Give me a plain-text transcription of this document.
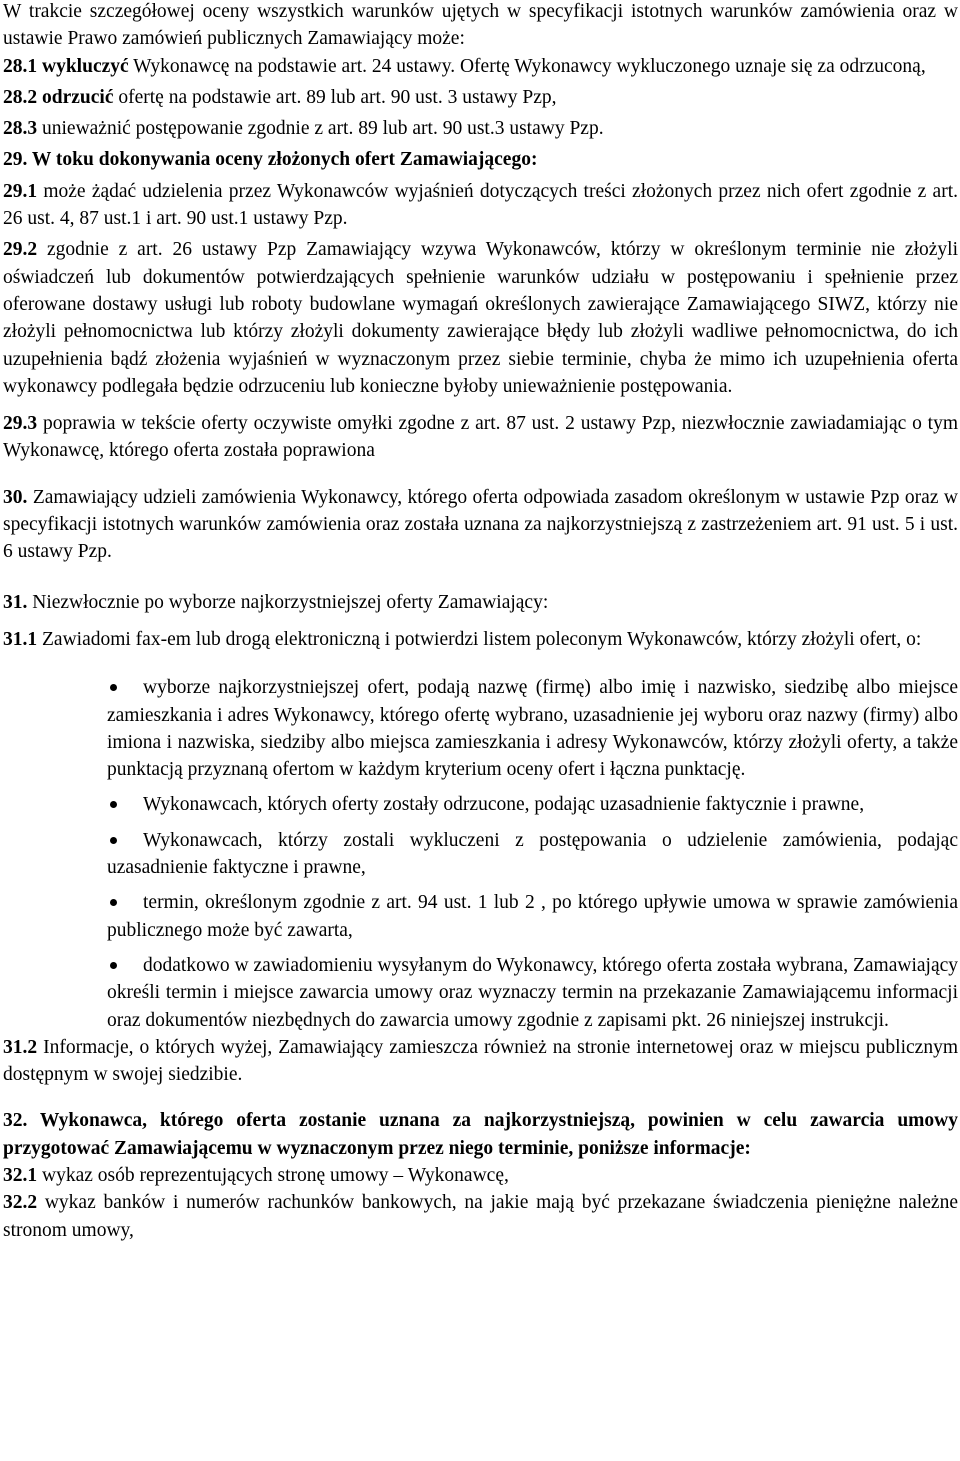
W trakcie szczegółowej oceny wszystkich warunków ujętych w specyfikacji istotnych warunków zamówienia oraz w ustawie Prawo zamówień publicznych Zamawiający może:

28.1 wykluczyć Wykonawcę na podstawie art. 24 ustawy. Ofertę Wykonawcy wykluczonego uznaje się za odrzuconą,

28.2 odrzucić ofertę na podstawie art. 89 lub art. 90 ust. 3 ustawy Pzp,

28.3 unieważnić postępowanie zgodnie z art. 89 lub art. 90 ust.3 ustawy Pzp.

29. W toku dokonywania oceny złożonych ofert Zamawiającego:

29.1 może żądać udzielenia przez Wykonawców wyjaśnień dotyczących treści złożonych przez nich ofert zgodnie z art. 26 ust. 4, 87 ust.1 i art. 90 ust.1 ustawy Pzp.

29.2 zgodnie z art. 26 ustawy Pzp Zamawiający wzywa Wykonawców, którzy w określonym terminie nie złożyli oświadczeń lub dokumentów potwierdzających spełnienie warunków udziału w postępowaniu i spełnienie przez oferowane dostawy usługi lub roboty budowlane wymagań określonych zawierające Zamawiającego SIWZ, którzy nie złożyli pełnomocnictwa lub którzy złożyli dokumenty zawierające błędy lub złożyli wadliwe pełnomocnictwa, do ich uzupełnienia bądź złożenia wyjaśnień w wyznaczonym przez siebie terminie, chyba że mimo ich uzupełnienia oferta wykonawcy podlegała będzie odrzuceniu lub konieczne byłoby unieważnienie postępowania.

29.3 poprawia w tekście oferty oczywiste omyłki zgodne z art. 87 ust. 2 ustawy Pzp, niezwłocznie zawiadamiając o tym Wykonawcę, którego oferta została poprawiona

30. Zamawiający udzieli zamówienia Wykonawcy, którego oferta odpowiada zasadom określonym w ustawie Pzp oraz w specyfikacji istotnych warunków zamówienia oraz została uznana za najkorzystniejszą z zastrzeżeniem art. 91 ust. 5 i ust. 6 ustawy Pzp.

31. Niezwłocznie po wyborze najkorzystniejszej oferty Zamawiający:

31.1 Zawiadomi fax-em lub drogą elektroniczną i potwierdzi listem poleconym Wykonawców, którzy złożyli ofert, o:

wyborze najkorzystniejszej ofert, podają nazwę (firmę) albo imię i nazwisko, siedzibę albo miejsce zamieszkania i adres Wykonawcy, którego ofertę wybrano, uzasadnienie jej wyboru oraz nazwy (firmy) albo imiona i nazwiska, siedziby albo miejsca zamieszkania i adresy Wykonawców, którzy złożyli oferty, a także punktacją przyznaną ofertom w każdym kryterium oceny ofert i łączna punktację.
Wykonawcach, których oferty zostały odrzucone, podając uzasadnienie faktycznie i prawne,
Wykonawcach, którzy zostali wykluczeni z postępowania o udzielenie zamówienia, podając uzasadnienie faktyczne i prawne,
termin, określonym zgodnie z art. 94 ust. 1 lub 2 , po którego upływie umowa w sprawie zamówienia publicznego może być zawarta,
dodatkowo w zawiadomieniu wysyłanym do Wykonawcy, którego oferta została wybrana, Zamawiający określi termin i miejsce zawarcia umowy oraz wyznaczy termin na przekazanie Zamawiającemu informacji oraz dokumentów niezbędnych do zawarcia umowy zgodnie z zapisami pkt. 26 niniejszej instrukcji.

31.2 Informacje, o których wyżej, Zamawiający zamieszcza również na stronie internetowej oraz w miejscu publicznym dostępnym w swojej siedzibie.

32. Wykonawca, którego oferta zostanie uznana za najkorzystniejszą, powinien w celu zawarcia umowy przygotować Zamawiającemu w wyznaczonym przez niego terminie, poniższe informacje:

32.1 wykaz osób reprezentujących stronę umowy – Wykonawcę,

32.2 wykaz banków i numerów rachunków bankowych, na jakie mają być przekazane świadczenia pieniężne należne stronom umowy,
